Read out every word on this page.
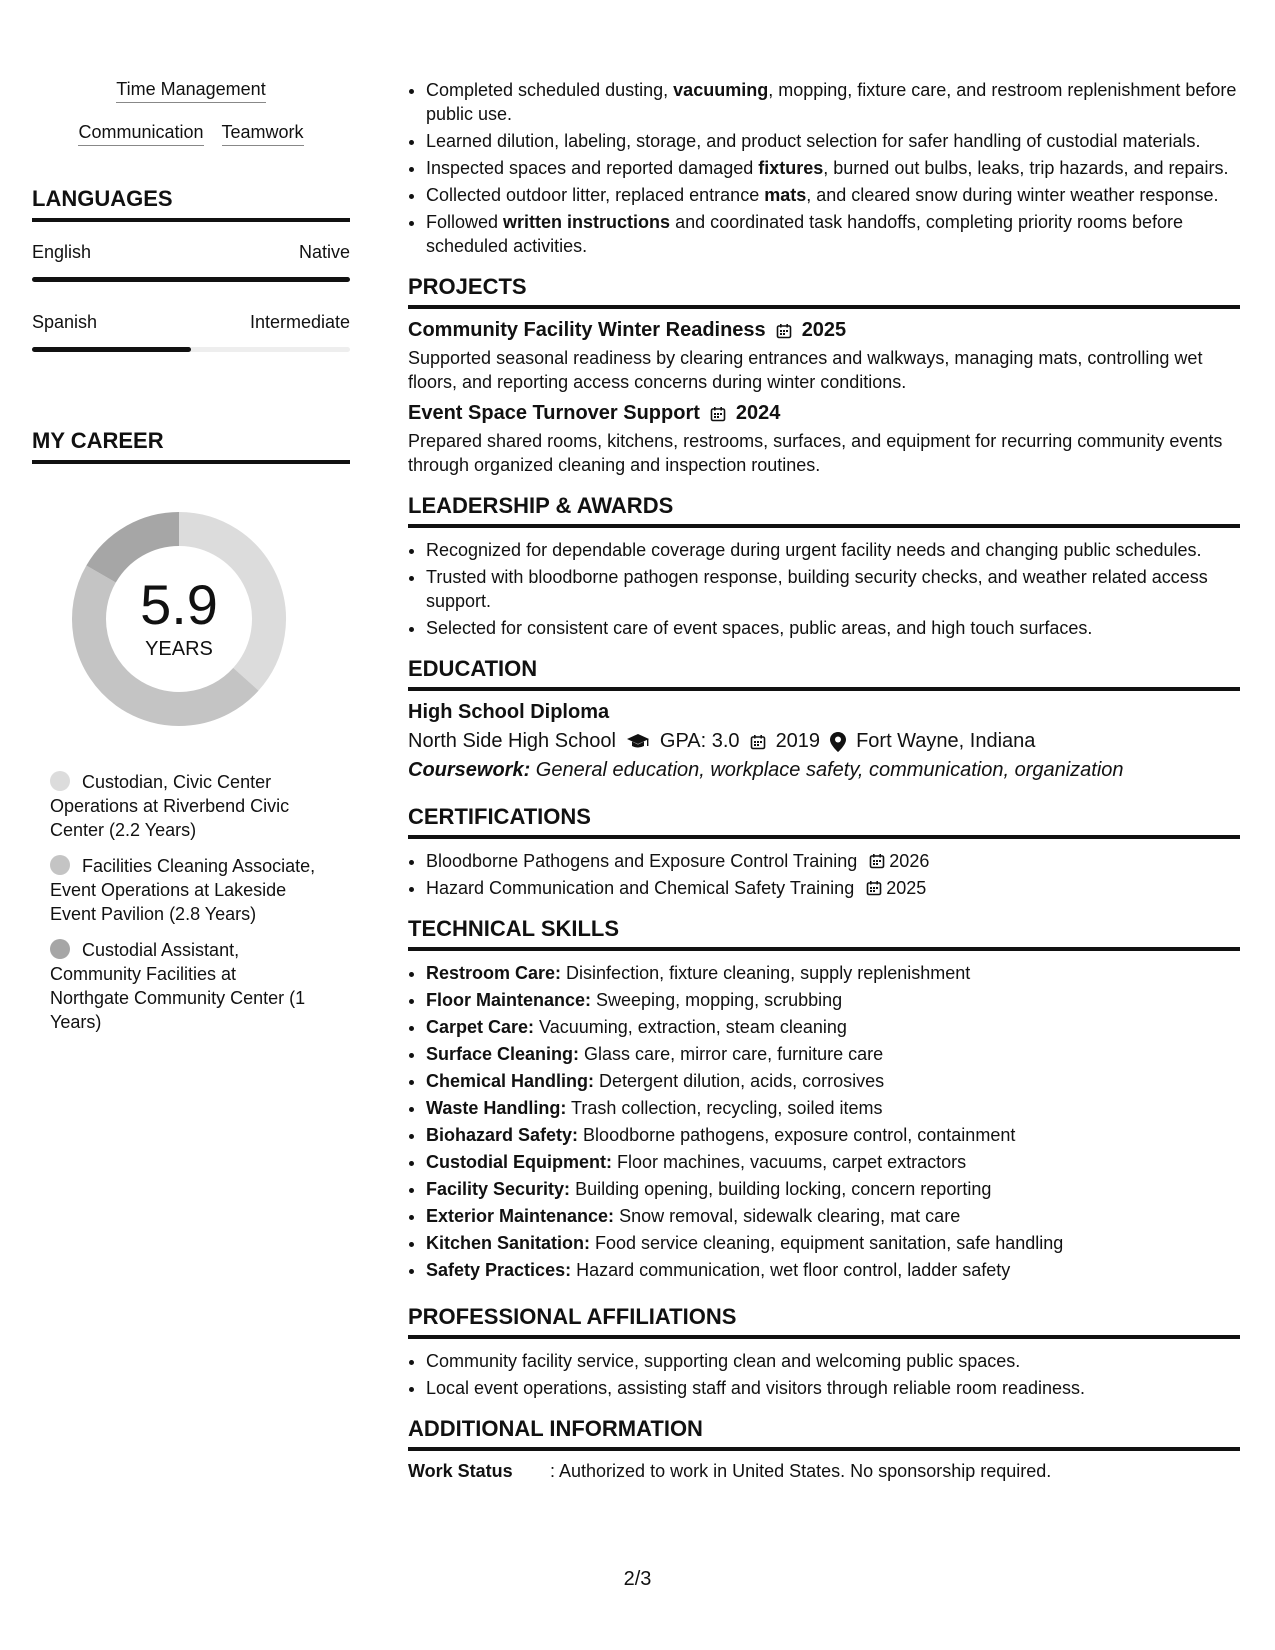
Time Management
Communication Teamwork
LANGUAGES
English	Native
Spanish	Intermediate
MY CAREER
5.9
YEARS
Custodian, Civic Center Operations at Riverbend Civic Center (2.2 Years)
Facilities Cleaning Associate, Event Operations at Lakeside Event Pavilion (2.8 Years)
Custodial Assistant, Community Facilities at Northgate Community Center (1 Years)
• Completed scheduled dusting, vacuuming, mopping, fixture care, and restroom replenishment before public use.
• Learned dilution, labeling, storage, and product selection for safer handling of custodial materials.
• Inspected spaces and reported damaged fixtures, burned out bulbs, leaks, trip hazards, and repairs.
• Collected outdoor litter, replaced entrance mats, and cleared snow during winter weather response.
• Followed written instructions and coordinated task handoffs, completing priority rooms before scheduled activities.
PROJECTS
Community Facility Winter Readiness 2025
Supported seasonal readiness by clearing entrances and walkways, managing mats, controlling wet floors, and reporting access concerns during winter conditions.
Event Space Turnover Support 2024
Prepared shared rooms, kitchens, restrooms, surfaces, and equipment for recurring community events through organized cleaning and inspection routines.
LEADERSHIP & AWARDS
• Recognized for dependable coverage during urgent facility needs and changing public schedules.
• Trusted with bloodborne pathogen response, building security checks, and weather related access support.
• Selected for consistent care of event spaces, public areas, and high touch surfaces.
EDUCATION
High School Diploma
North Side High School GPA: 3.0 2019 Fort Wayne, Indiana
Coursework: General education, workplace safety, communication, organization
CERTIFICATIONS
• Bloodborne Pathogens and Exposure Control Training 2026
• Hazard Communication and Chemical Safety Training 2025
TECHNICAL SKILLS
• Restroom Care: Disinfection, fixture cleaning, supply replenishment
• Floor Maintenance: Sweeping, mopping, scrubbing
• Carpet Care: Vacuuming, extraction, steam cleaning
• Surface Cleaning: Glass care, mirror care, furniture care
• Chemical Handling: Detergent dilution, acids, corrosives
• Waste Handling: Trash collection, recycling, soiled items
• Biohazard Safety: Bloodborne pathogens, exposure control, containment
• Custodial Equipment: Floor machines, vacuums, carpet extractors
• Facility Security: Building opening, building locking, concern reporting
• Exterior Maintenance: Snow removal, sidewalk clearing, mat care
• Kitchen Sanitation: Food service cleaning, equipment sanitation, safe handling
• Safety Practices: Hazard communication, wet floor control, ladder safety
PROFESSIONAL AFFILIATIONS
• Community facility service, supporting clean and welcoming public spaces.
• Local event operations, assisting staff and visitors through reliable room readiness.
ADDITIONAL INFORMATION
Work Status	: Authorized to work in United States. No sponsorship required.
2/3
